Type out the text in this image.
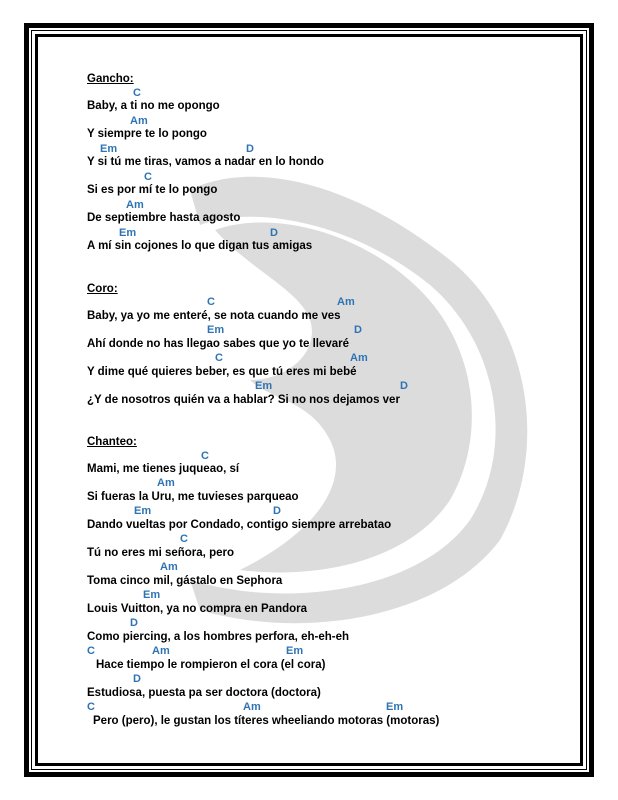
Gancho:
C
Baby, a ti no me opongo
Am
Y siempre te lo pongo
Em	D
Y si tú me tiras, vamos a nadar en lo hondo
C
Si es por mí te lo pongo
Am
De septiembre hasta agosto
Em	D
A mí sin cojones lo que digan tus amigas
Coro:
C	Am
Baby, ya yo me enteré, se nota cuando me ves
Em	D
Ahí donde no has llegao sabes que yo te llevaré
C	Am
Y dime qué quieres beber, es que tú eres mi bebé
Em	D
¿Y de nosotros quién va a hablar? Si no nos dejamos ver
Chanteo:
C
Mami, me tienes juqueao, sí
Am
Si fueras la Uru, me tuvieses parqueao
Em	D
Dando vueltas por Condado, contigo siempre arrebatao
C
Tú no eres mi señora, pero
Am
Toma cinco mil, gástalo en Sephora
Em
Louis Vuitton, ya no compra en Pandora
D
Como piercing, a los hombres perfora, eh-eh-eh
C	Am	Em
Hace tiempo le rompieron el cora (el cora)
D
Estudiosa, puesta pa ser doctora (doctora)
C	Am	Em
Pero (pero), le gustan los títeres wheeliando motoras (motoras)
